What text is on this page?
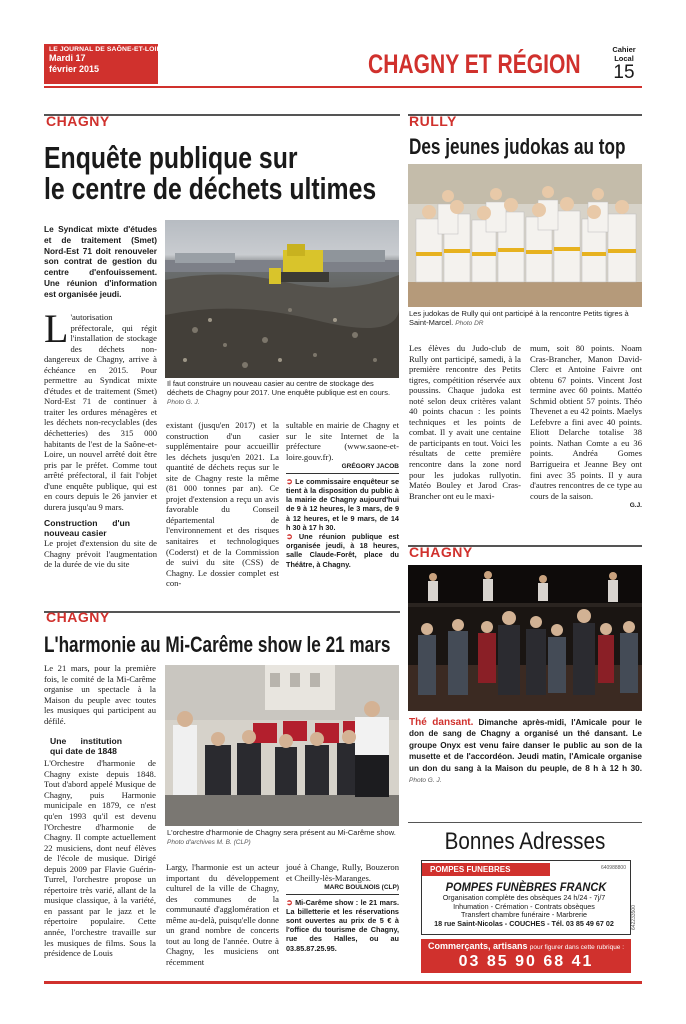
LE JOURNAL DE SAÔNE-ET-LOIRE
Mardi 17
février 2015	CHAGNY ET RÉGION	Cahier
Local
15
CHAGNY
Enquête publique sur
le centre de déchets ultimes
Le Syndicat mixte d'études et de traitement (Smet) Nord-Est 71 doit renouveler son contrat de gestion du centre d'enfouissement. Une réunion d'information est organisée jeudi.

L 'autorisation préfectorale, qui régit l'installation de stockage des déchets non-dangereux de Chagny, arrive à échéance en 2015. Pour permettre au Syndicat mixte d'études et de traitement (Smet) Nord-Est 71 de continuer à traiter les ordures ménagères et les déchets non-recyclables (des déchetteries) des 315 000 habitants de l'est de la Saône-et-Loire, un nouvel arrêté doit être pris par le préfet. Comme tout arrêté préfectoral, il fait l'objet d'une enquête publique, qui est en cours depuis le 26 janvier et durera jusqu'au 9 mars.

Construction d'un nouveau casier

Le projet d'extension du site de Chagny prévoit l'augmentation de la durée de vie du site

Il faut construire un nouveau casier au centre de stockage des déchets de Chagny pour 2017. Une enquête publique est en cours. Photo G. J.
existant (jusqu'en 2017) et la construction d'un casier supplémentaire pour accueillir les déchets jusqu'en 2021. La quantité de déchets reçus sur le site de Chagny reste la même (81 000 tonnes par an). Ce projet d'extension a reçu un avis favorable du Conseil départemental de l'environnement et des risques sanitaires et technologiques (Coderst) et de la Commission de suivi du site (CSS) de Chagny. Le dossier complet est con-

sultable en mairie de Chagny et sur le site Internet de la préfecture (www.saone-et-loire.gouv.fr).

GRÉGORY JACOB
➲ Le commissaire enquêteur se tient à la disposition du public à la mairie de Chagny aujourd'hui de 9 à 12 heures, le 3 mars, de 9 à 12 heures, et le 9 mars, de 14 h 30 à 17 h 30.
➲ Une réunion publique est organisée jeudi, à 18 heures, salle Claude-Forêt, place du Théâtre, à Chagny.
RULLY
Des jeunes judokas au top
Les judokas de Rully qui ont participé à la rencontre Petits tigres à Saint-Marcel. Photo DR
Les élèves du Judo-club de Rully ont participé, samedi, à la première rencontre des Petits tigres, compétition réservée aux poussins. Chaque judoka est noté selon deux critères valant 40 points chacun : les points techniques et les points de combat. Il y avait une centaine de participants en tout. Voici les résultats de cette première rencontre dans la zone nord pour les judokas rullyotin. Matéo Bouley et Jarod Cras-Brancher ont eu le maxi-

mum, soit 80 points. Noam Cras-Brancher, Manon David-Clerc et Antoine Faivre ont obtenu 67 points. Vincent Jost termine avec 60 points. Mattéo Schmid obtient 57 points. Théo Thevenet a eu 42 points. Maelys Lefebvre a fini avec 40 points. Eliott Delarche totalise 38 points. Nathan Comte a eu 36 points. Andréa Gomes Barrigueira et Jeanne Bey ont fini avec 35 points. Il y aura d'autres rencontres de ce type au cours de la saison.

G.J.
CHAGNY
Thé dansant. Dimanche après-midi, l'Amicale pour le don de sang de Chagny a organisé un thé dansant. Le groupe Onyx est venu faire danser le public au son de la musette et de l'accordéon. Jeudi matin, l'Amicale organise un don du sang à la Maison du peuple, de 8 h à 12 h 30. Photo G. J.
CHAGNY
L'harmonie au Mi-Carême show le 21 mars

Le 21 mars, pour la première fois, le comité de la Mi-Carême organise un spectacle à la Maison du peuple avec toutes les musiques qui participent au défilé.

Une institution qui date de 1848

L'Orchestre d'harmonie de Chagny existe depuis 1848. Tout d'abord appelé Musique de Chagny, puis Harmonie municipale en 1879, ce n'est qu'en 1993 qu'il est devenu l'Orchestre d'harmonie de Chagny. Il compte actuellement 22 musiciens, dont neuf élèves de l'école de musique. Dirigé depuis 2009 par Flavie Guérin-Turrel, l'orchestre propose un répertoire très varié, allant de la musique classique, à la variété, en passant par le jazz et le répertoire populaire. Cette année, l'orchestre travaille sur les musiques de films. Sous la présidence de Louis

L'orchestre d'harmonie de Chagny sera présent au Mi-Carême show. Photo d'archives M. B. (CLP)
Largy, l'harmonie est un acteur important du développement culturel de la ville de Chagny, des communes de la communauté d'agglomération et même au-delà, puisqu'elle donne un grand nombre de concerts tout au long de l'année. Outre à Chagny, les musiciens ont récemment

joué à Change, Rully, Bouzeron et Cheilly-lès-Maranges.

MARC BOULNOIS (CLP)
➲ Mi-Carême show : le 21 mars. La billetterie et les réservations sont ouvertes au prix de 5 € à l'office du tourisme de Chagny, rue des Halles, ou au 03.85.87.25.95.
Bonnes Adresses
POMPES FUNEBRES	640988800
POMPES FUNÈBRES FRANCK
Organisation complète des obsèques 24 h/24 - 7j/7
Inhumation - Crémation - Contrats obsèques
Transfert chambre funéraire - Marbrerie
18 rue Saint-Nicolas - COUCHES - Tél. 03 85 49 67 02	642233500
Commerçants, artisans pour figurer dans cette rubrique :
03 85 90 68 41
